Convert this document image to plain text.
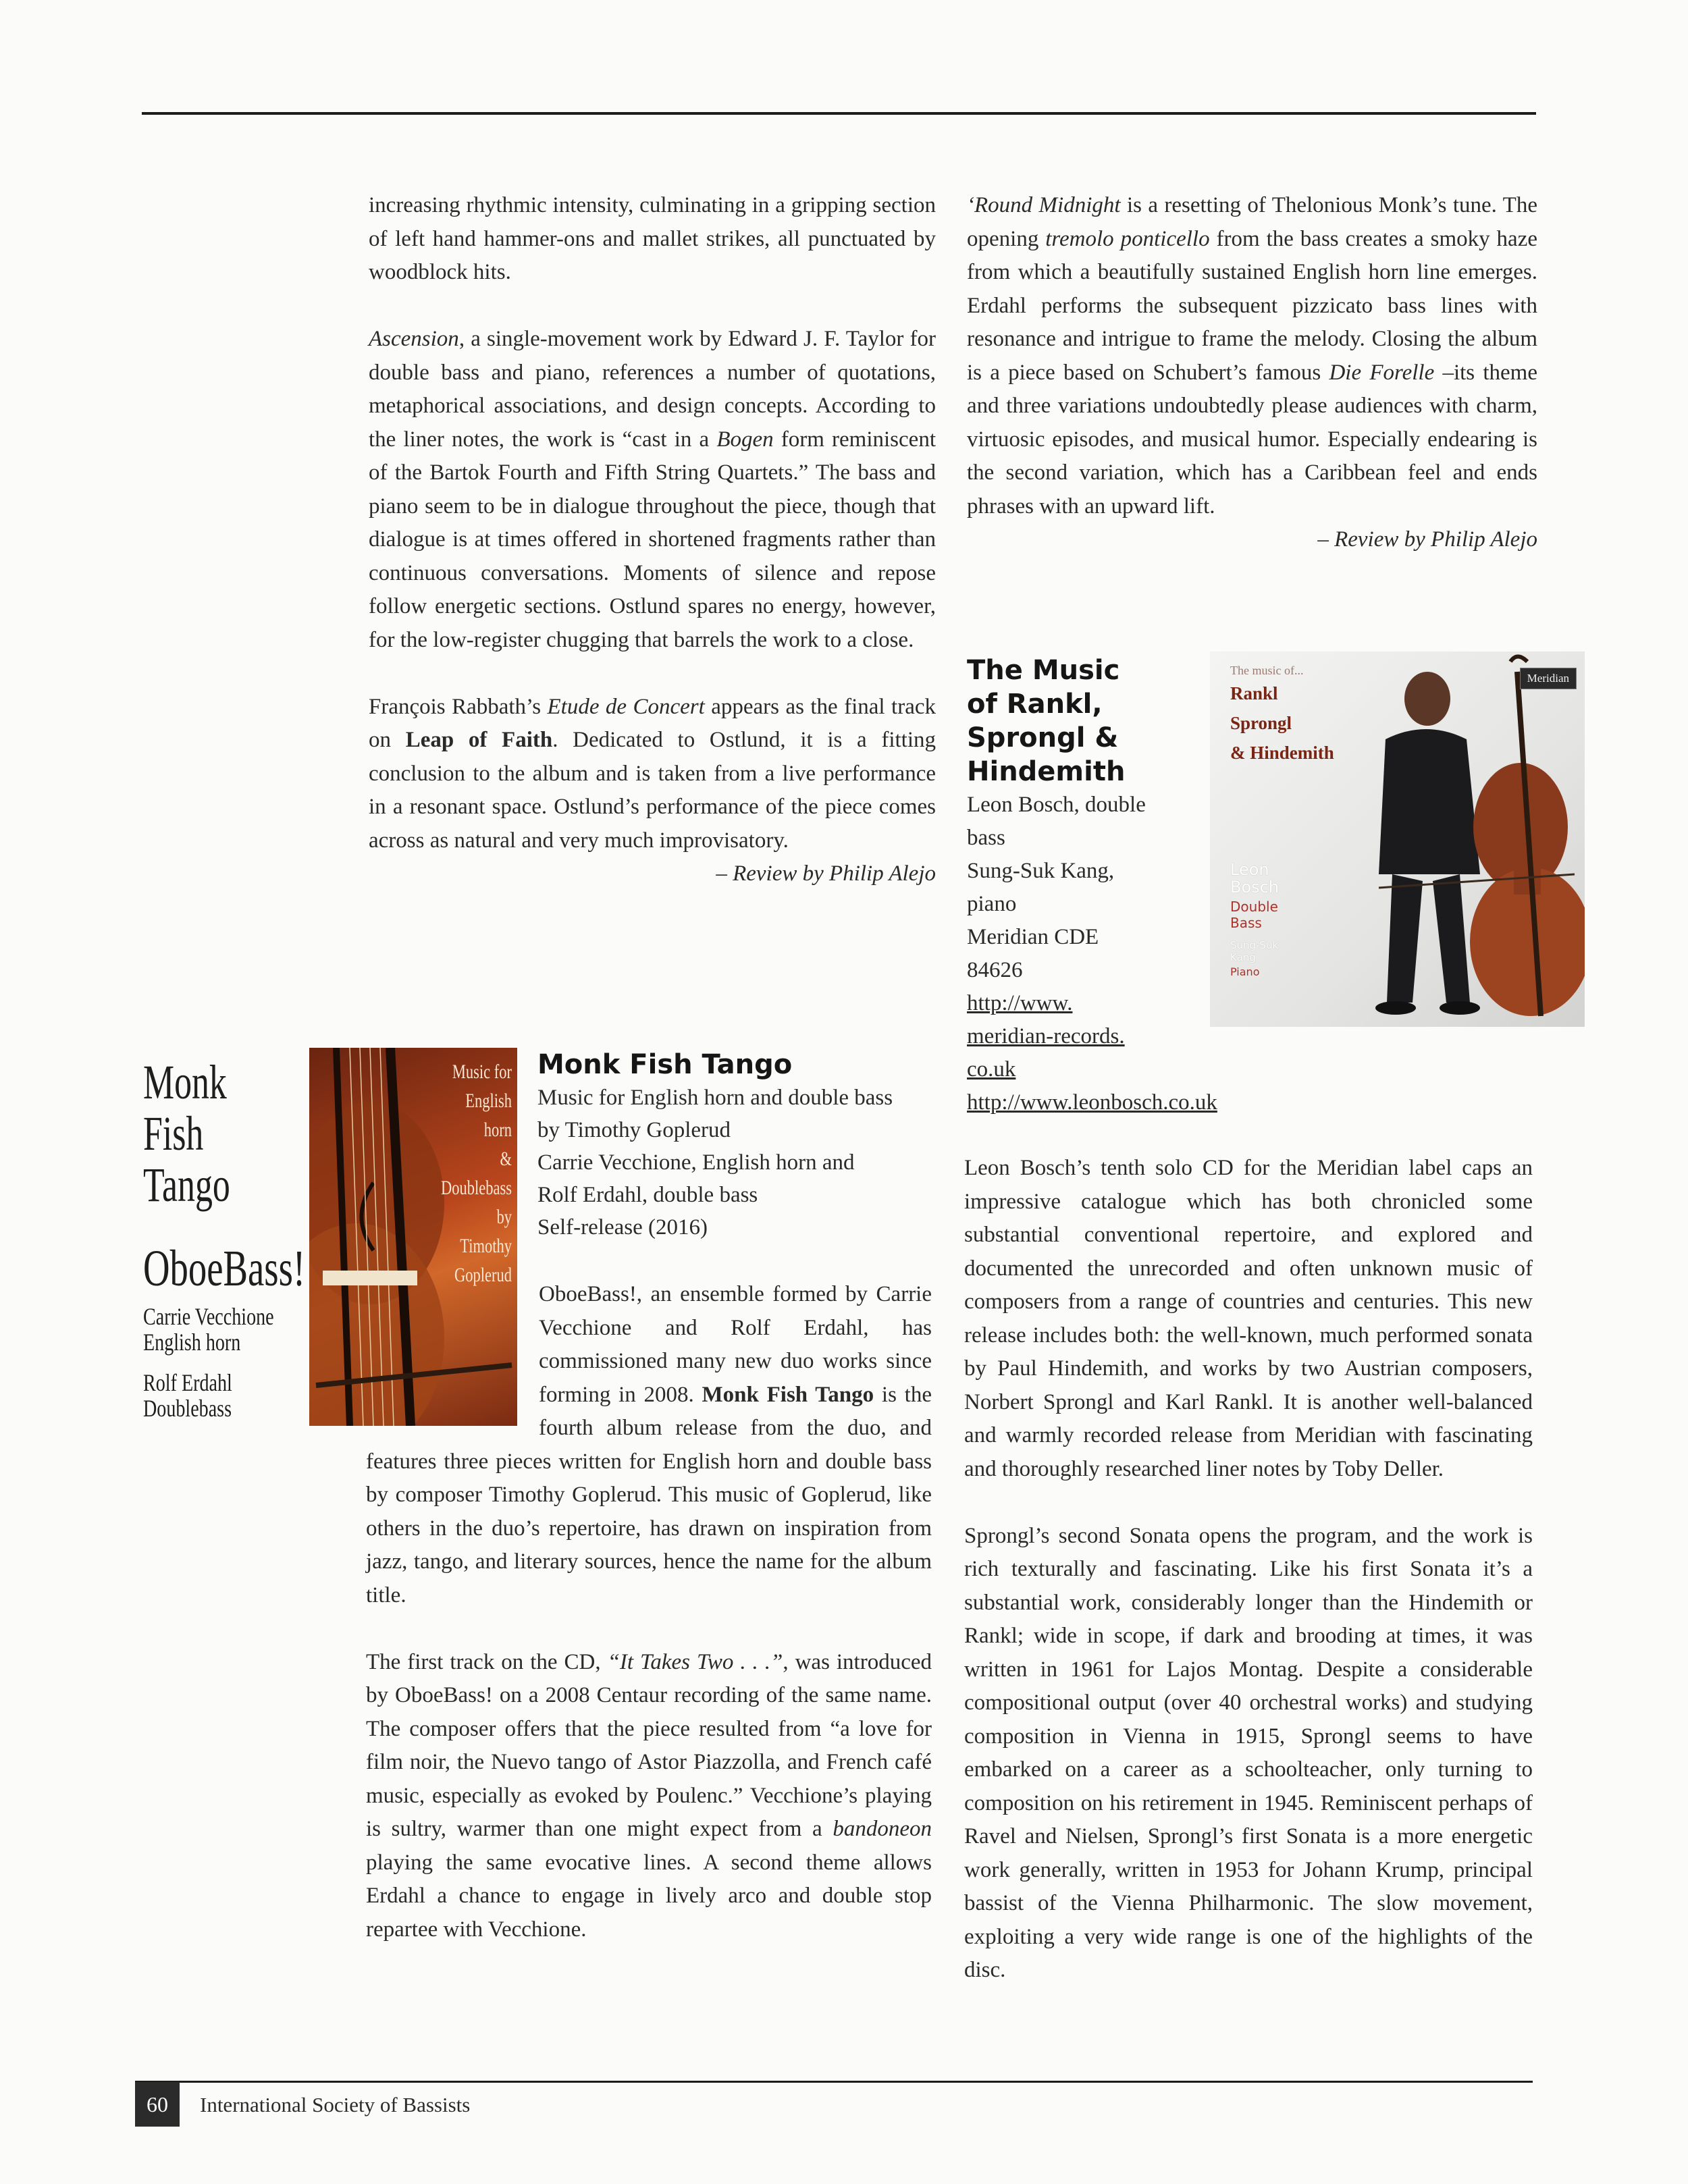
increasing rhythmic intensity, culminating in a gripping section of left hand hammer-ons and mallet strikes, all punctuated by woodblock hits.

Ascension, a single-movement work by Edward J. F. Taylor for double bass and piano, references a number of quotations, metaphorical associations, and design concepts. According to the liner notes, the work is “cast in a Bogen form reminiscent of the Bartok Fourth and Fifth String Quartets.” The bass and piano seem to be in dialogue throughout the piece, though that dialogue is at times offered in shortened fragments rather than continuous conversations. Moments of silence and repose follow energetic sections. Ostlund spares no energy, however, for the low-register chugging that barrels the work to a close.

François Rabbath’s Etude de Concert appears as the final track on Leap of Faith. Dedicated to Ostlund, it is a fitting conclusion to the album and is taken from a live performance in a resonant space. Ostlund’s performance of the piece comes across as natural and very much improvisatory.

– Review by Philip Alejo
Monk
Fish
Tango
OboeBass!
Carrie Vecchione
English horn
Rolf Erdahl
Doublebass
Music for
English horn
&
Doublebass
by
Timothy
Goplerud
Monk Fish Tango
Music for English horn and double bass
by Timothy Goplerud
Carrie Vecchione, English horn and
Rolf Erdahl, double bass
Self-release (2016)

OboeBass!, an ensemble formed by Carrie Vecchione and Rolf Erdahl, has commissioned many new duo works since forming in 2008. Monk Fish Tango is the fourth album release from the duo, and features three pieces written for English horn and double bass by composer Timothy Goplerud. This music of Goplerud, like others in the duo’s repertoire, has drawn on inspiration from jazz, tango, and literary sources, hence the name for the album title.

The first track on the CD, “It Takes Two . . .”, was introduced by OboeBass! on a 2008 Centaur recording of the same name. The composer offers that the piece resulted from “a love for film noir, the Nuevo tango of Astor Piazzolla, and French café music, especially as evoked by Poulenc.” Vecchione’s playing is sultry, warmer than one might expect from a bandoneon playing the same evocative lines. A second theme allows Erdahl a chance to engage in lively arco and double stop repartee with Vecchione.

‘Round Midnight is a resetting of Thelonious Monk’s tune. The opening tremolo ponticello from the bass creates a smoky haze from which a beautifully sustained English horn line emerges. Erdahl performs the subsequent pizzicato bass lines with resonance and intrigue to frame the melody. Closing the album is a piece based on Schubert’s famous Die Forelle –its theme and three variations undoubtedly please audiences with charm, virtuosic episodes, and musical humor. Especially endearing is the second variation, which has a Caribbean feel and ends phrases with an upward lift.

– Review by Philip Alejo
The Music
of Rankl,
Sprongl &
Hindemith
Leon Bosch, double
bass
Sung-Suk Kang,
piano
Meridian CDE
84626
http://www.
meridian-records.
co.uk
http://www.leonbosch.co.uk
The music of...
Rankl
Sprongl
& Hindemith
Meridian
Leon
Bosch
Double
Bass
Sung-Suk
Kang
Piano

Leon Bosch’s tenth solo CD for the Meridian label caps an impressive catalogue which has both chronicled some substantial conventional repertoire, and explored and documented the unrecorded and often unknown music of composers from a range of countries and centuries. This new release includes both: the well-known, much performed sonata by Paul Hindemith, and works by two Austrian composers, Norbert Sprongl and Karl Rankl. It is another well-balanced and warmly recorded release from Meridian with fascinating and thoroughly researched liner notes by Toby Deller.

Sprongl’s second Sonata opens the program, and the work is rich texturally and fascinating. Like his first Sonata it’s a substantial work, considerably longer than the Hindemith or Rankl; wide in scope, if dark and brooding at times, it was written in 1961 for Lajos Montag. Despite a considerable compositional output (over 40 orchestral works) and studying composition in Vienna in 1915, Sprongl seems to have embarked on a career as a schoolteacher, only turning to composition on his retirement in 1945. Reminiscent perhaps of Ravel and Nielsen, Sprongl’s first Sonata is a more energetic work generally, written in 1953 for Johann Krump, principal bassist of the Vienna Philharmonic. The slow movement, exploiting a very wide range is one of the highlights of the disc.

60	International Society of Bassists
